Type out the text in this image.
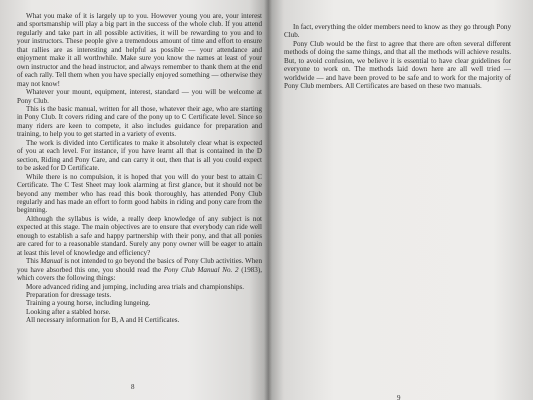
What you make of it is largely up to you. However young you are, your interest and sportsmanship will play a big part in the success of the whole club. If you attend regularly and take part in all possible activities, it will be rewarding to you and to your instructors. These people give a tremendous amount of time and effort to ensure that rallies are as interesting and helpful as possible — your attendance and enjoyment make it all worthwhile. Make sure you know the names at least of your own instructor and the head instructor, and always remember to thank them at the end of each rally. Tell them when you have specially enjoyed something — otherwise they may not know!

Whatever your mount, equipment, interest, standard — you will be welcome at Pony Club.

This is the basic manual, written for all those, whatever their age, who are starting in Pony Club. It covers riding and care of the pony up to C Certificate level. Since so many riders are keen to compete, it also includes guidance for preparation and training, to help you to get started in a variety of events.

The work is divided into Certificates to make it absolutely clear what is expected of you at each level. For instance, if you have learnt all that is contained in the D section, Riding and Pony Care, and can carry it out, then that is all you could expect to be asked for D Certificate.

While there is no compulsion, it is hoped that you will do your best to attain C Certificate. The C Test Sheet may look alarming at first glance, but it should not be beyond any member who has read this book thoroughly, has attended Pony Club regularly and has made an effort to form good habits in riding and pony care from the beginning.

Although the syllabus is wide, a really deep knowledge of any subject is not expected at this stage. The main objectives are to ensure that everybody can ride well enough to establish a safe and happy partnership with their pony, and that all ponies are cared for to a reasonable standard. Surely any pony owner will be eager to attain at least this level of knowledge and efficiency?

This Manual is not intended to go beyond the basics of Pony Club activities. When you have absorbed this one, you should read the Pony Club Manual No. 2 (1983), which covers the following things:

More advanced riding and jumping, including area trials and championships.

Preparation for dressage tests.

Training a young horse, including lungeing.

Looking after a stabled horse.

All necessary information for B, A and H Certificates.

In fact, everything the older members need to know as they go through Pony Club.

Pony Club would be the first to agree that there are often several different methods of doing the same things, and that all the methods will achieve results. But, to avoid confusion, we believe it is essential to have clear guidelines for everyone to work on. The methods laid down here are all well tried — worldwide — and have been proved to be safe and to work for the majority of Pony Club members. All Certificates are based on these two manuals.

8
9
